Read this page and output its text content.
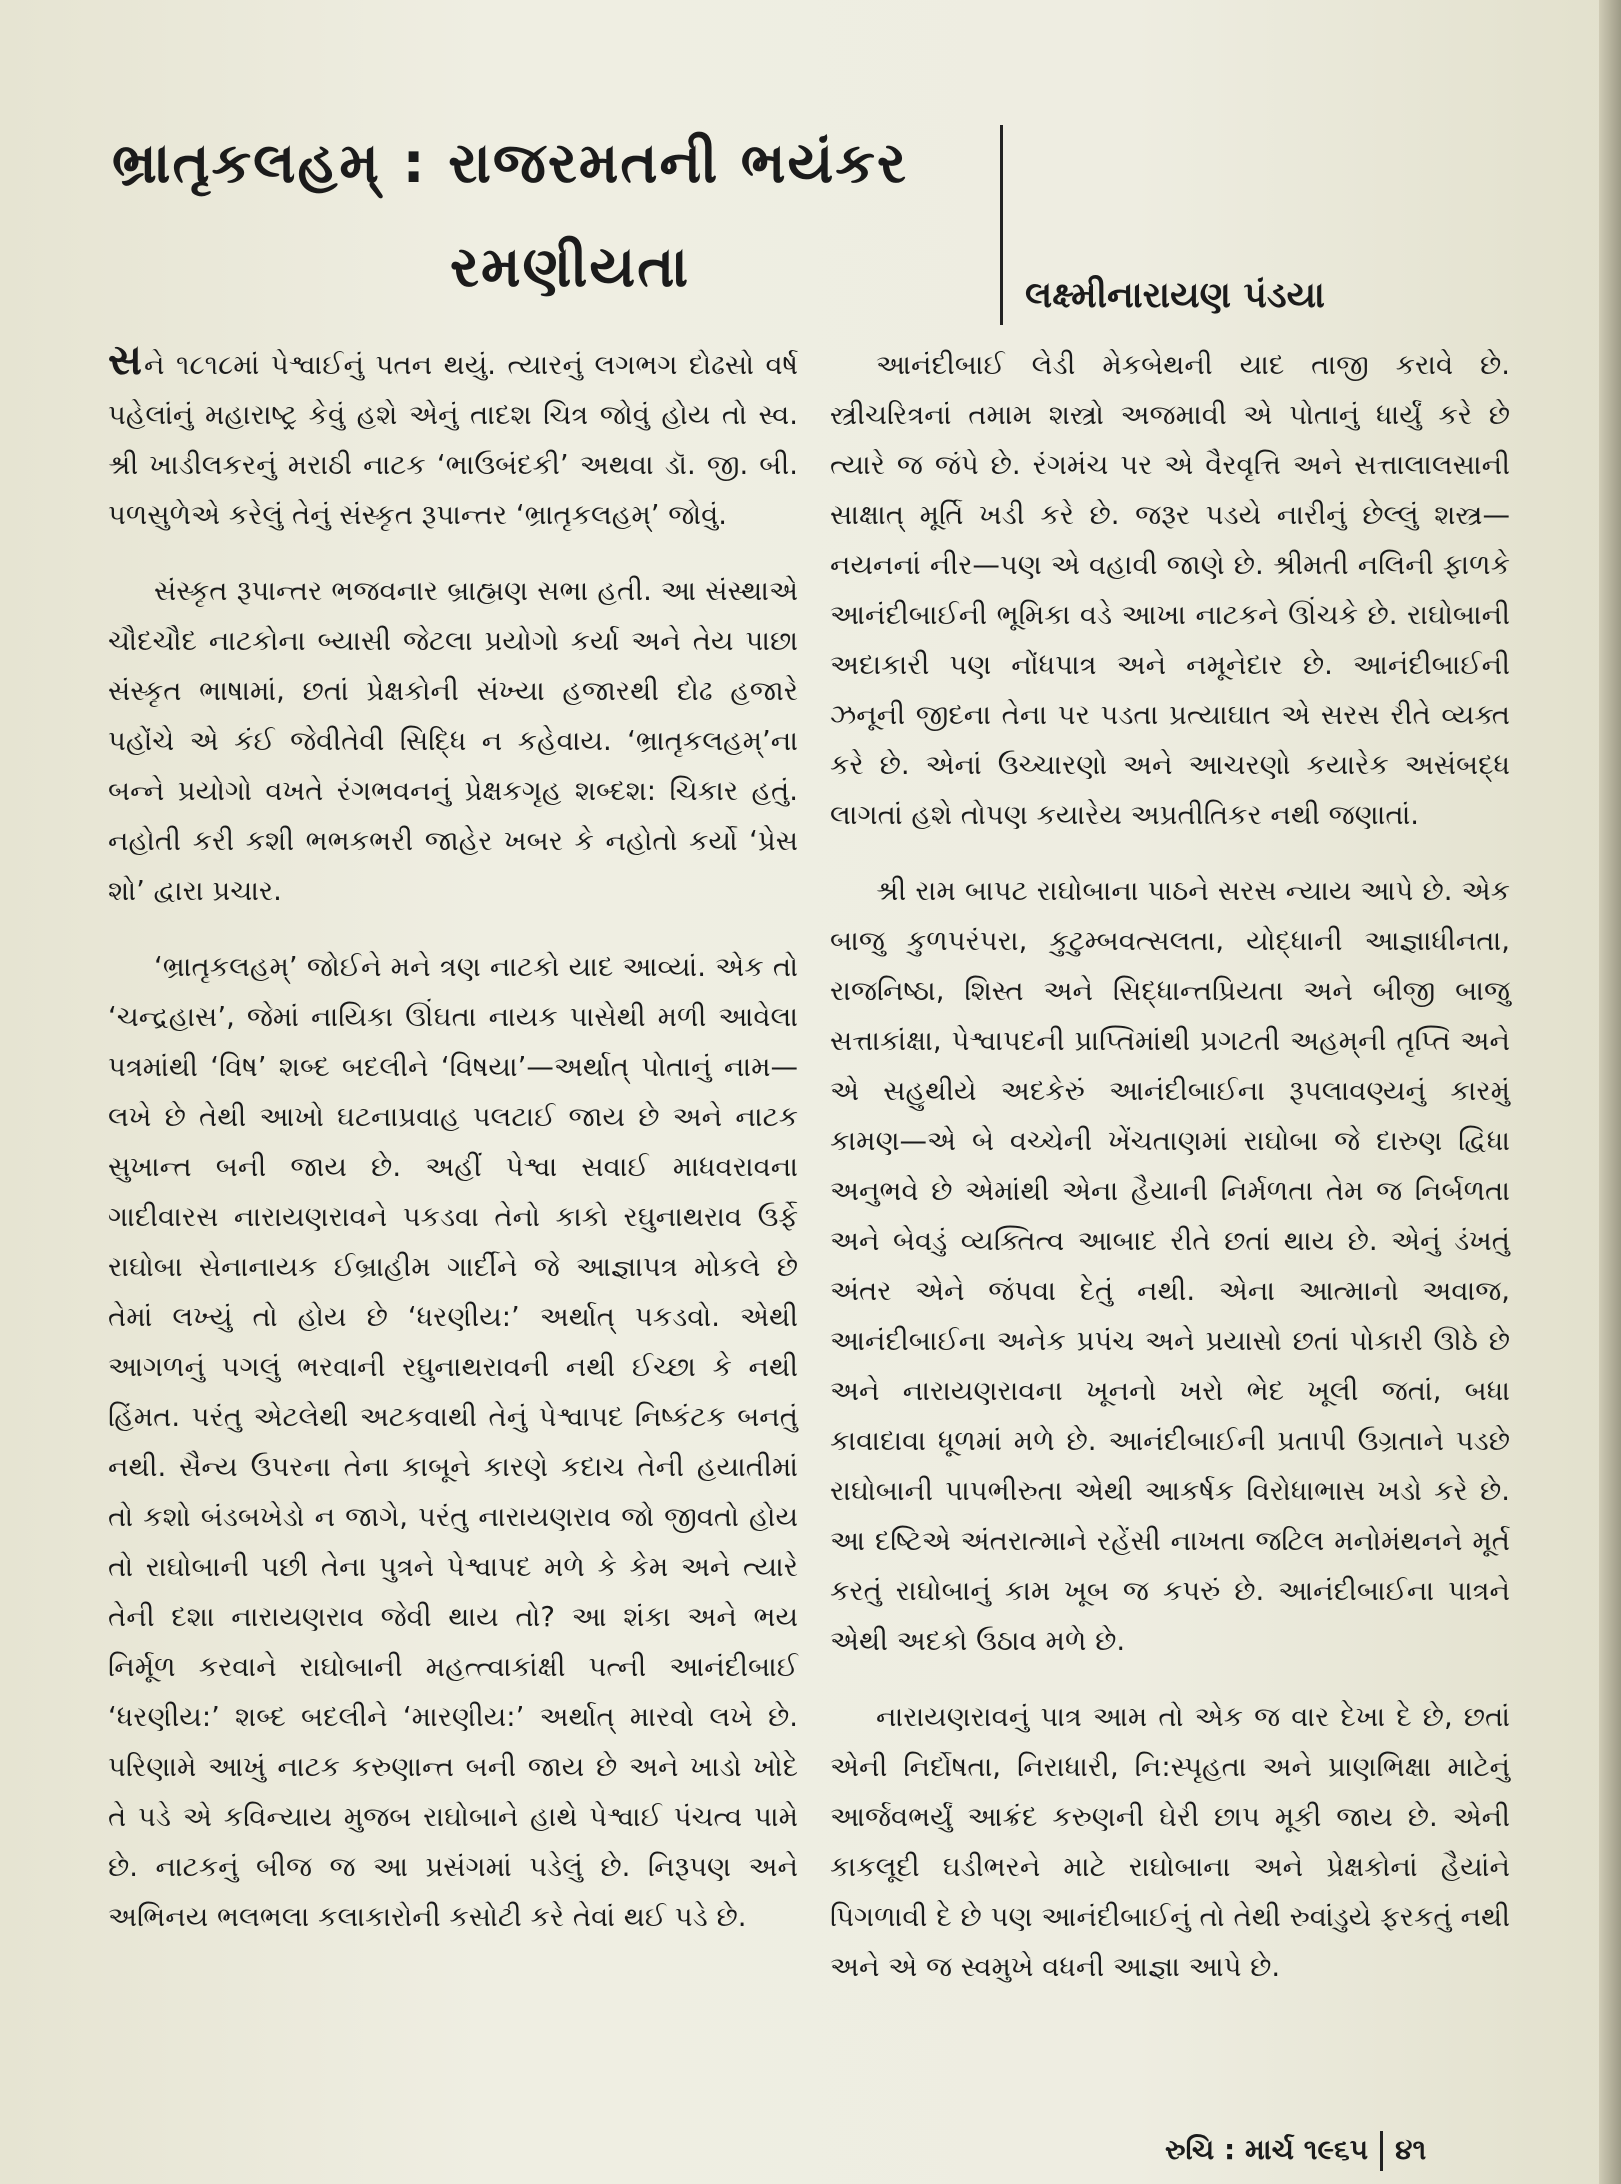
ભ્રાતૃકલહમ્ : રાજરમતની ભયંકર
રમણીયતા	લક્ષ્મીનારાયણ પંડયા

સને ૧૮૧૮માં પેશ્વાઈનું પતન થયું. ત્યારનું લગભગ દોઢસો વર્ષ પહેલાંનું મહારાષ્ટ્ર કેવું હશે એનું તાદશ ચિત્ર જોવું હોય તો સ્વ. શ્રી ખાડીલકરનું મરાઠી નાટક ‘ભાઉબંદકી’ અથવા ડૉ. જી. બી. પળસુળેએ કરેલું તેનું સંસ્કૃત રૂપાન્તર ‘ભ્રાતૃકલહમ્’ જોવું.

સંસ્કૃત રૂપાન્તર ભજવનાર બ્રાહ્મણ સભા હતી. આ સંસ્થાએ ચૌદચૌદ નાટકોના બ્યાસી જેટલા પ્રયોગો કર્યા અને તેય પાછા સંસ્કૃત ભાષામાં, છતાં પ્રેક્ષકોની સંખ્યા હજારથી દોઢ હજારે પહોંચે એ કંઈ જેવીતેવી સિદ્ધિ ન કહેવાય. ‘ભ્રાતૃકલહમ્’ના બન્ને પ્રયોગો વખતે રંગભવનનું પ્રેક્ષકગૃહ શબ્દશ: ચિકાર હતું. નહોતી કરી કશી ભભકભરી જાહેર ખબર કે નહોતો કર્યો ‘પ્રેસ શો’ દ્વારા પ્રચાર.

‘ભ્રાતૃકલહમ્’ જોઈને મને ત્રણ નાટકો યાદ આવ્યાં. એક તો ‘ચન્દ્રહાસ’, જેમાં નાયિકા ઊંઘતા નાયક પાસેથી મળી આવેલા પત્રમાંથી ‘વિષ’ શબ્દ બદલીને ‘વિષયા’—અર્થાત્ પોતાનું નામ—લખે છે તેથી આખો ઘટનાપ્રવાહ પલટાઈ જાય છે અને નાટક સુખાન્ત બની જાય છે. અહીં પેશ્વા સવાઈ માધવરાવના ગાદીવારસ નારાયણરાવને પકડવા તેનો કાકો રઘુનાથરાવ ઉર્ફે રાઘોબા સેનાનાયક ઈબ્રાહીમ ગાર્દીને જે આજ્ઞાપત્ર મોકલે છે તેમાં લખ્યું તો હોય છે ‘ધરણીય:’ અર્થાત્ પકડવો. એથી આગળનું પગલું ભરવાની રઘુનાથરાવની નથી ઈચ્છા કે નથી હિંમત. પરંતુ એટલેથી અટકવાથી તેનું પેશ્વાપદ નિષ્કંટક બનતું નથી. સૈન્ય ઉપરના તેના કાબૂને કારણે કદાચ તેની હયાતીમાં તો કશો બંડબખેડો ન જાગે, પરંતુ નારાયણરાવ જો જીવતો હોય તો રાઘોબાની પછી તેના પુત્રને પેશ્વાપદ મળે કે કેમ અને ત્યારે તેની દશા નારાયણરાવ જેવી થાય તો? આ શંકા અને ભય નિર્મૂળ કરવાને રાઘોબાની મહત્ત્વાકાંક્ષી પત્ની આનંદીબાઈ ‘ધરણીય:’ શબ્દ બદલીને ‘મારણીય:’ અર્થાત્ મારવો લખે છે. પરિણામે આખું નાટક કરુણાન્ત બની જાય છે અને ખાડો ખોદે તે પડે એ કવિન્યાય મુજબ રાઘોબાને હાથે પેશ્વાઈ પંચત્વ પામે છે. નાટકનું બીજ જ આ પ્રસંગમાં પડેલું છે. નિરૂપણ અને અભિનય ભલભલા કલાકારોની કસોટી કરે તેવાં થઈ પડે છે.

આનંદીબાઈ લેડી મેકબેથની યાદ તાજી કરાવે છે. સ્ત્રીચરિત્રનાં તમામ શસ્ત્રો અજમાવી એ પોતાનું ધાર્યું કરે છે ત્યારે જ જંપે છે. રંગમંચ પર એ વૈરવૃત્તિ અને સત્તાલાલસાની સાક્ષાત્ મૂર્તિ ખડી કરે છે. જરૂર પડયે નારીનું છેલ્લું શસ્ત્ર—નયનનાં નીર—પણ એ વહાવી જાણે છે. શ્રીમતી નલિની ફાળકે આનંદીબાઈની ભૂમિકા વડે આખા નાટકને ઊંચકે છે. રાઘોબાની અદાકારી પણ નોંધપાત્ર અને નમૂનેદાર છે. આનંદીબાઈની ઝનૂની જીદના તેના પર પડતા પ્રત્યાઘાત એ સરસ રીતે વ્યક્ત કરે છે. એનાં ઉચ્ચારણો અને આચરણો કયારેક અસંબદ્ધ લાગતાં હશે તોપણ કયારેય અપ્રતીતિકર નથી જણાતાં.

શ્રી રામ બાપટ રાઘોબાના પાઠને સરસ ન્યાય આપે છે. એક બાજુ કુળપરંપરા, કુટુમ્બવત્સલતા, યોદ્ધાની આજ્ઞાધીનતા, રાજનિષ્ઠા, શિસ્ત અને સિદ્ધાન્તપ્રિયતા અને બીજી બાજુ સત્તાકાંક્ષા, પેશ્વાપદની પ્રાપ્તિમાંથી પ્રગટતી અહમ્‌ની તૃપ્તિ અને એ સહુથીયે અદકેરું આનંદીબાઈના રૂપલાવણ્યનું કારમું કામણ—એ બે વચ્ચેની ખેંચતાણમાં રાઘોબા જે દારુણ દ્વિધા અનુભવે છે એમાંથી એના હૈયાની નિર્મળતા તેમ જ નિર્બળતા અને બેવડું વ્યક્તિત્વ આબાદ રીતે છતાં થાય છે. એનું ડંખતું અંતર એને જંપવા દેતું નથી. એના આત્માનો અવાજ, આનંદીબાઈના અનેક પ્રપંચ અને પ્રયાસો છતાં પોકારી ઊઠે છે અને નારાયણરાવના ખૂનનો ખરો ભેદ ખૂલી જતાં, બધા કાવાદાવા ધૂળમાં મળે છે. આનંદીબાઈની પ્રતાપી ઉગ્રતાને પડછે રાઘોબાની પાપભીરુતા એથી આકર્ષક વિરોધાભાસ ખડો કરે છે. આ દષ્ટિએ અંતરાત્માને રહેંસી નાખતા જટિલ મનોમંથનને મૂર્ત કરતું રાઘોબાનું કામ ખૂબ જ કપરું છે. આનંદીબાઈના પાત્રને એથી અદકો ઉઠાવ મળે છે.

નારાયણરાવનું પાત્ર આમ તો એક જ વાર દેખા દે છે, છતાં એની નિર્દોષતા, નિરાધારી, નિ:સ્પૃહતા અને પ્રાણભિક્ષા માટેનું આર્જવભર્યું આક્રંદ કરુણની ઘેરી છાપ મૂકી જાય છે. એની કાકલૂદી ઘડીભરને માટે રાઘોબાના અને પ્રેક્ષકોનાં હૈયાંને પિગળાવી દે છે પણ આનંદીબાઈનું તો તેથી રુવાંડુયે ફરકતું નથી અને એ જ સ્વમુખે વધની આજ્ઞા આપે છે.

રુચિ : માર્ચ ૧૯૬૫ ૪૧
